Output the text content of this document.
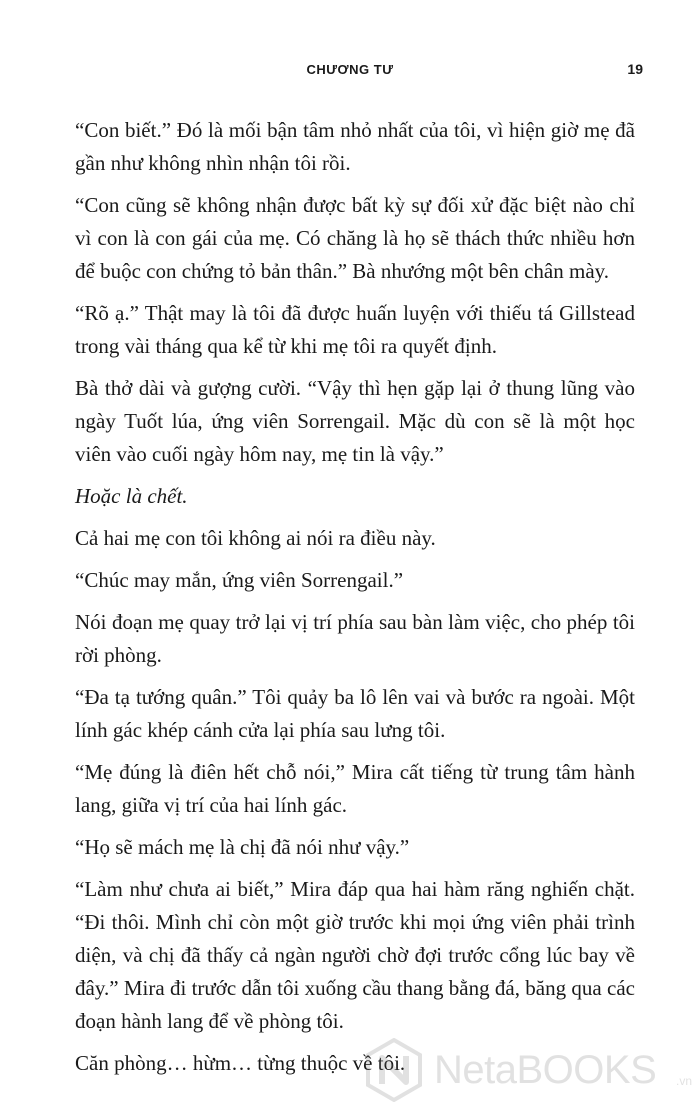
CHƯƠNG TƯ	19

“Con biết.” Đó là mối bận tâm nhỏ nhất của tôi, vì hiện giờ mẹ đã gần như không nhìn nhận tôi rồi.

“Con cũng sẽ không nhận được bất kỳ sự đối xử đặc biệt nào chỉ vì con là con gái của mẹ. Có chăng là họ sẽ thách thức nhiều hơn để buộc con chứng tỏ bản thân.” Bà nhướng một bên chân mày.

“Rõ ạ.” Thật may là tôi đã được huấn luyện với thiếu tá Gillstead trong vài tháng qua kể từ khi mẹ tôi ra quyết định.

Bà thở dài và gượng cười. “Vậy thì hẹn gặp lại ở thung lũng vào ngày Tuốt lúa, ứng viên Sorrengail. Mặc dù con sẽ là một học viên vào cuối ngày hôm nay, mẹ tin là vậy.”

Hoặc là chết.

Cả hai mẹ con tôi không ai nói ra điều này.

“Chúc may mắn, ứng viên Sorrengail.”

Nói đoạn mẹ quay trở lại vị trí phía sau bàn làm việc, cho phép tôi rời phòng.

“Đa tạ tướng quân.” Tôi quảy ba lô lên vai và bước ra ngoài. Một lính gác khép cánh cửa lại phía sau lưng tôi.

“Mẹ đúng là điên hết chỗ nói,” Mira cất tiếng từ trung tâm hành lang, giữa vị trí của hai lính gác.

“Họ sẽ mách mẹ là chị đã nói như vậy.”

“Làm như chưa ai biết,” Mira đáp qua hai hàm răng nghiến chặt. “Đi thôi. Mình chỉ còn một giờ trước khi mọi ứng viên phải trình diện, và chị đã thấy cả ngàn người chờ đợi trước cổng lúc bay về đây.” Mira đi trước dẫn tôi xuống cầu thang bằng đá, băng qua các đoạn hành lang để về phòng tôi.

Căn phòng… hừm… từng thuộc về tôi. NetaBOOKS .vn
